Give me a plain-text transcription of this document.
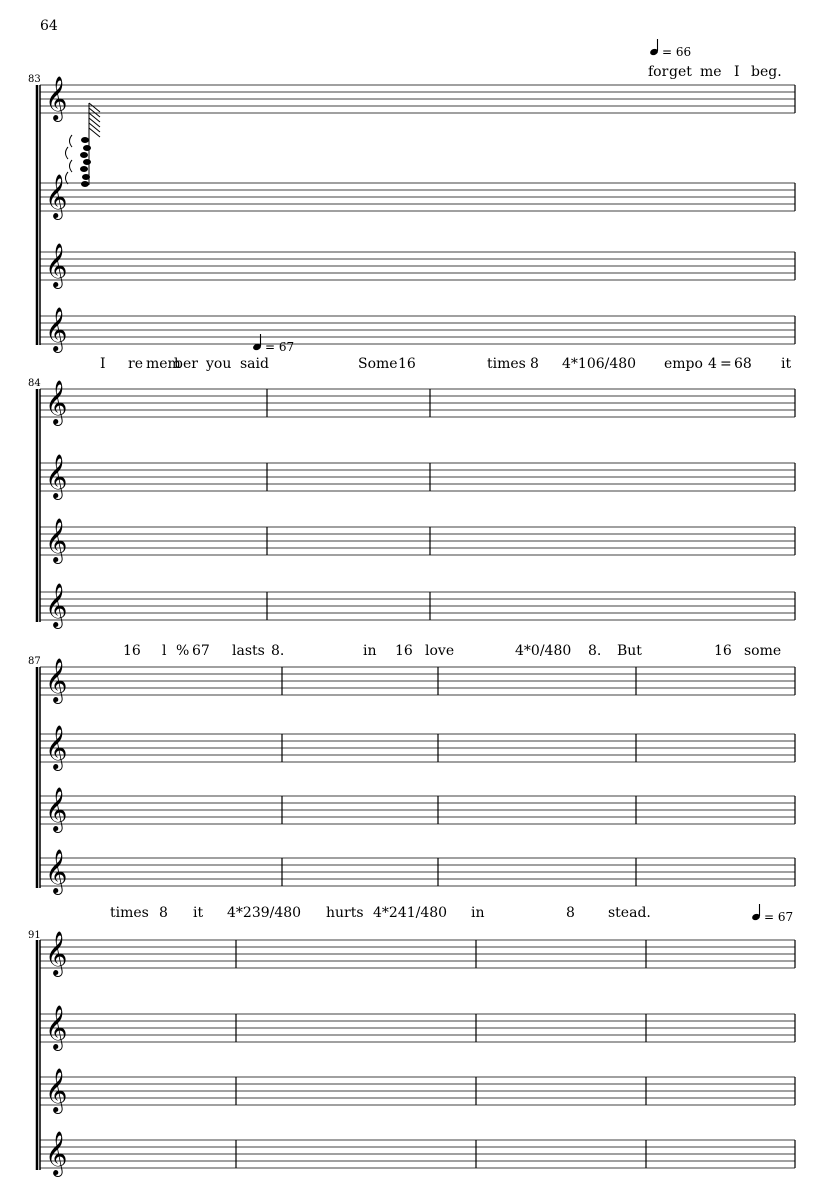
64
83
= 66
for get me I beg.
𝄞
𝄞
𝄞
𝄞
84
= 67
I re mem
ber you said	Some 16	times 8 4*106/480 empo 4 = 68 it
𝄞
𝄞
𝄞
𝄞
87
16 l % 67 lasts 8.	in 16 love	4*0/480 8. But	16 some
𝄞
𝄞
𝄞
𝄞
91
= 67
times 8 it 4*239/480 hurts 4*241/480 in	8 stead.
𝄞
𝄞
𝄞
𝄞
